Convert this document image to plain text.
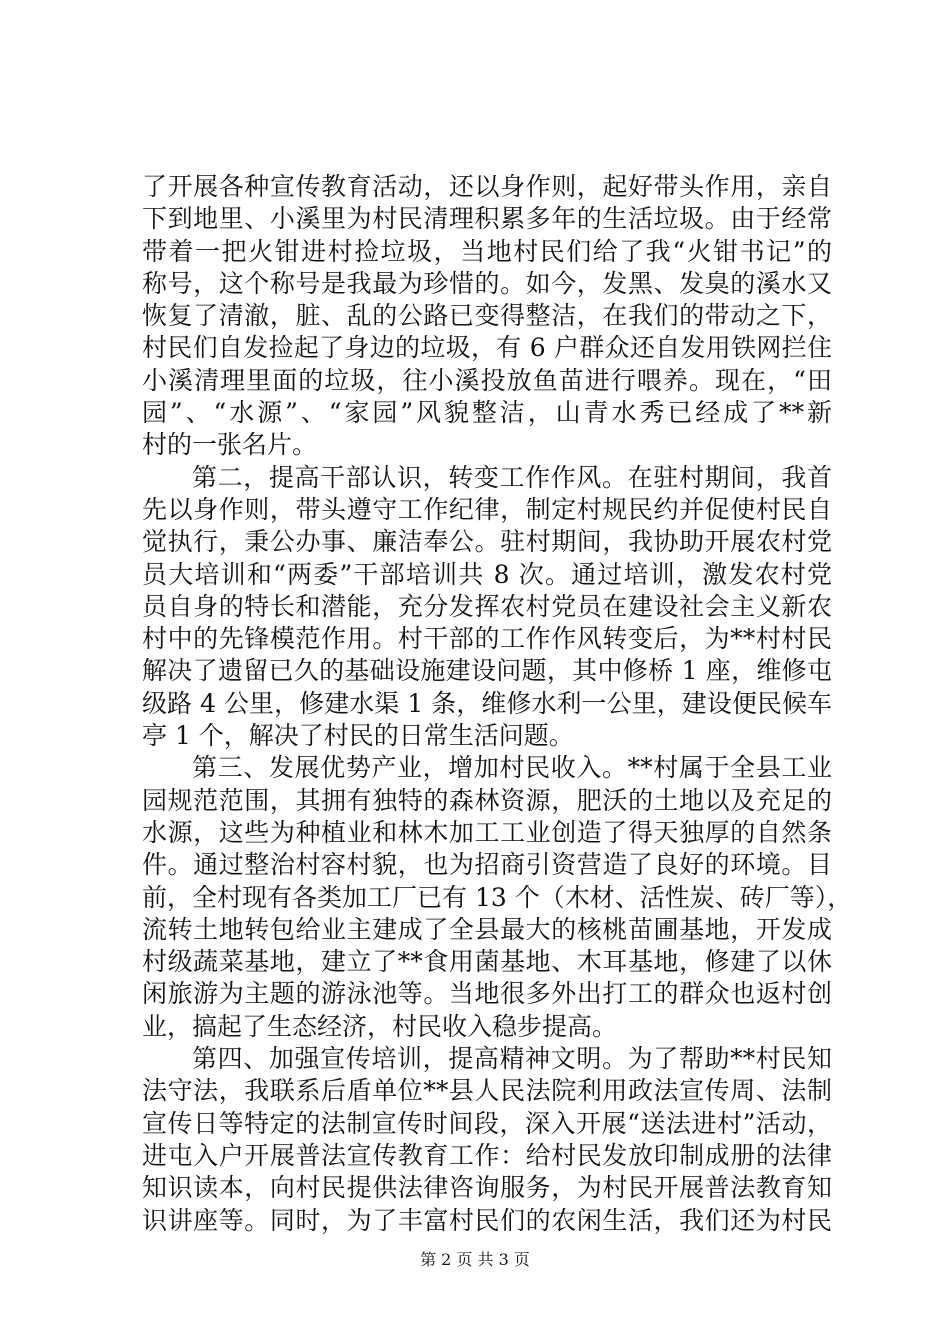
了开展各种宣传教育活动，还以身作则，起好带头作用，亲自
下到地里、小溪里为村民清理积累多年的生活垃圾。由于经常
带着一把火钳进村捡垃圾，当地村民们给了我“火钳书记”的
称号，这个称号是我最为珍惜的。如今，发黑、发臭的溪水又
恢复了清澈，脏、乱的公路已变得整洁，在我们的带动之下，
村民们自发捡起了身边的垃圾，有 6 户群众还自发用铁网拦住
小溪清理里面的垃圾，往小溪投放鱼苗进行喂养。现在，“田
园”、“水源”、“家园”风貌整洁，山青水秀已经成了**新
村的一张名片。
第二，提高干部认识，转变工作作风。在驻村期间，我首
先以身作则，带头遵守工作纪律，制定村规民约并促使村民自
觉执行，秉公办事、廉洁奉公。驻村期间，我协助开展农村党
员大培训和“两委”干部培训共 8 次。通过培训，激发农村党
员自身的特长和潜能，充分发挥农村党员在建设社会主义新农
村中的先锋模范作用。村干部的工作作风转变后，为**村村民
解决了遗留已久的基础设施建设问题，其中修桥 1 座，维修屯
级路 4 公里，修建水渠 1 条，维修水利一公里，建设便民候车
亭 1 个，解决了村民的日常生活问题。
第三、发展优势产业，增加村民收入。**村属于全县工业
园规范范围，其拥有独特的森林资源，肥沃的土地以及充足的
水源，这些为种植业和林木加工工业创造了得天独厚的自然条
件。通过整治村容村貌，也为招商引资营造了良好的环境。目
前，全村现有各类加工厂已有 13 个（木材、活性炭、砖厂等），
流转土地转包给业主建成了全县最大的核桃苗圃基地，开发成
村级蔬菜基地，建立了**食用菌基地、木耳基地，修建了以休
闲旅游为主题的游泳池等。当地很多外出打工的群众也返村创
业，搞起了生态经济，村民收入稳步提高。
第四、加强宣传培训，提高精神文明。为了帮助**村民知
法守法，我联系后盾单位**县人民法院利用政法宣传周、法制
宣传日等特定的法制宣传时间段，深入开展“送法进村”活动，
进屯入户开展普法宣传教育工作：给村民发放印制成册的法律
知识读本，向村民提供法律咨询服务，为村民开展普法教育知
识讲座等。同时，为了丰富村民们的农闲生活，我们还为村民
第 2 页 共 3 页
